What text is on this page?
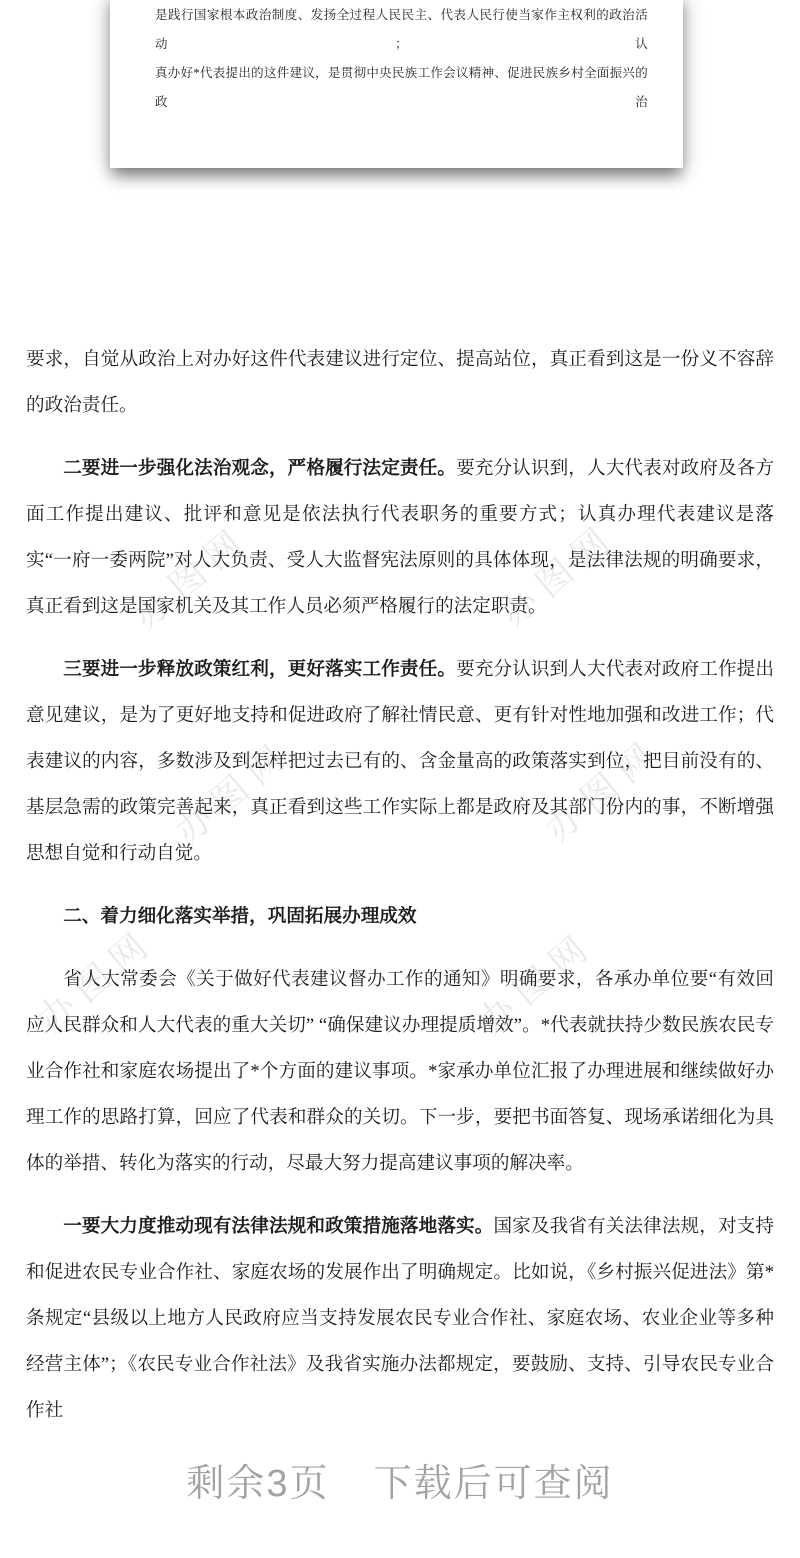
办图网	办图网
办图网	办图网
办图网	办图网
是践行国家根本政治制度、发扬全过程人民民主、代表人民行使当家作主权利的政治活动；认
真办好*代表提出的这件建议，是贯彻中央民族工作会议精神、促进民族乡村全面振兴的政治

要求，自觉从政治上对办好这件代表建议进行定位、提高站位，真正看到这是一份义不容辞的政治责任。

二要进一步强化法治观念，严格履行法定责任。要充分认识到，人大代表对政府及各方面工作提出建议、批评和意见是依法执行代表职务的重要方式；认真办理代表建议是落实“一府一委两院”对人大负责、受人大监督宪法原则的具体体现，是法律法规的明确要求，真正看到这是国家机关及其工作人员必须严格履行的法定职责。

三要进一步释放政策红利，更好落实工作责任。要充分认识到人大代表对政府工作提出意见建议，是为了更好地支持和促进政府了解社情民意、更有针对性地加强和改进工作；代表建议的内容，多数涉及到怎样把过去已有的、含金量高的政策落实到位，把目前没有的、基层急需的政策完善起来，真正看到这些工作实际上都是政府及其部门份内的事，不断增强思想自觉和行动自觉。

二、着力细化落实举措，巩固拓展办理成效

省人大常委会《关于做好代表建议督办工作的通知》明确要求，各承办单位要“有效回应人民群众和人大代表的重大关切” “确保建议办理提质增效”。*代表就扶持少数民族农民专业合作社和家庭农场提出了*个方面的建议事项。*家承办单位汇报了办理进展和继续做好办理工作的思路打算，回应了代表和群众的关切。下一步，要把书面答复、现场承诺细化为具体的举措、转化为落实的行动，尽最大努力提高建议事项的解决率。

一要大力度推动现有法律法规和政策措施落地落实。国家及我省有关法律法规，对支持和促进农民专业合作社、家庭农场的发展作出了明确规定。比如说，《乡村振兴促进法》第*条规定“县级以上地方人民政府应当支持发展农民专业合作社、家庭农场、农业企业等多种经营主体”；《农民专业合作社法》及我省实施办法都规定，要鼓励、支持、引导农民专业合作社

剩余3页 下载后可查阅
